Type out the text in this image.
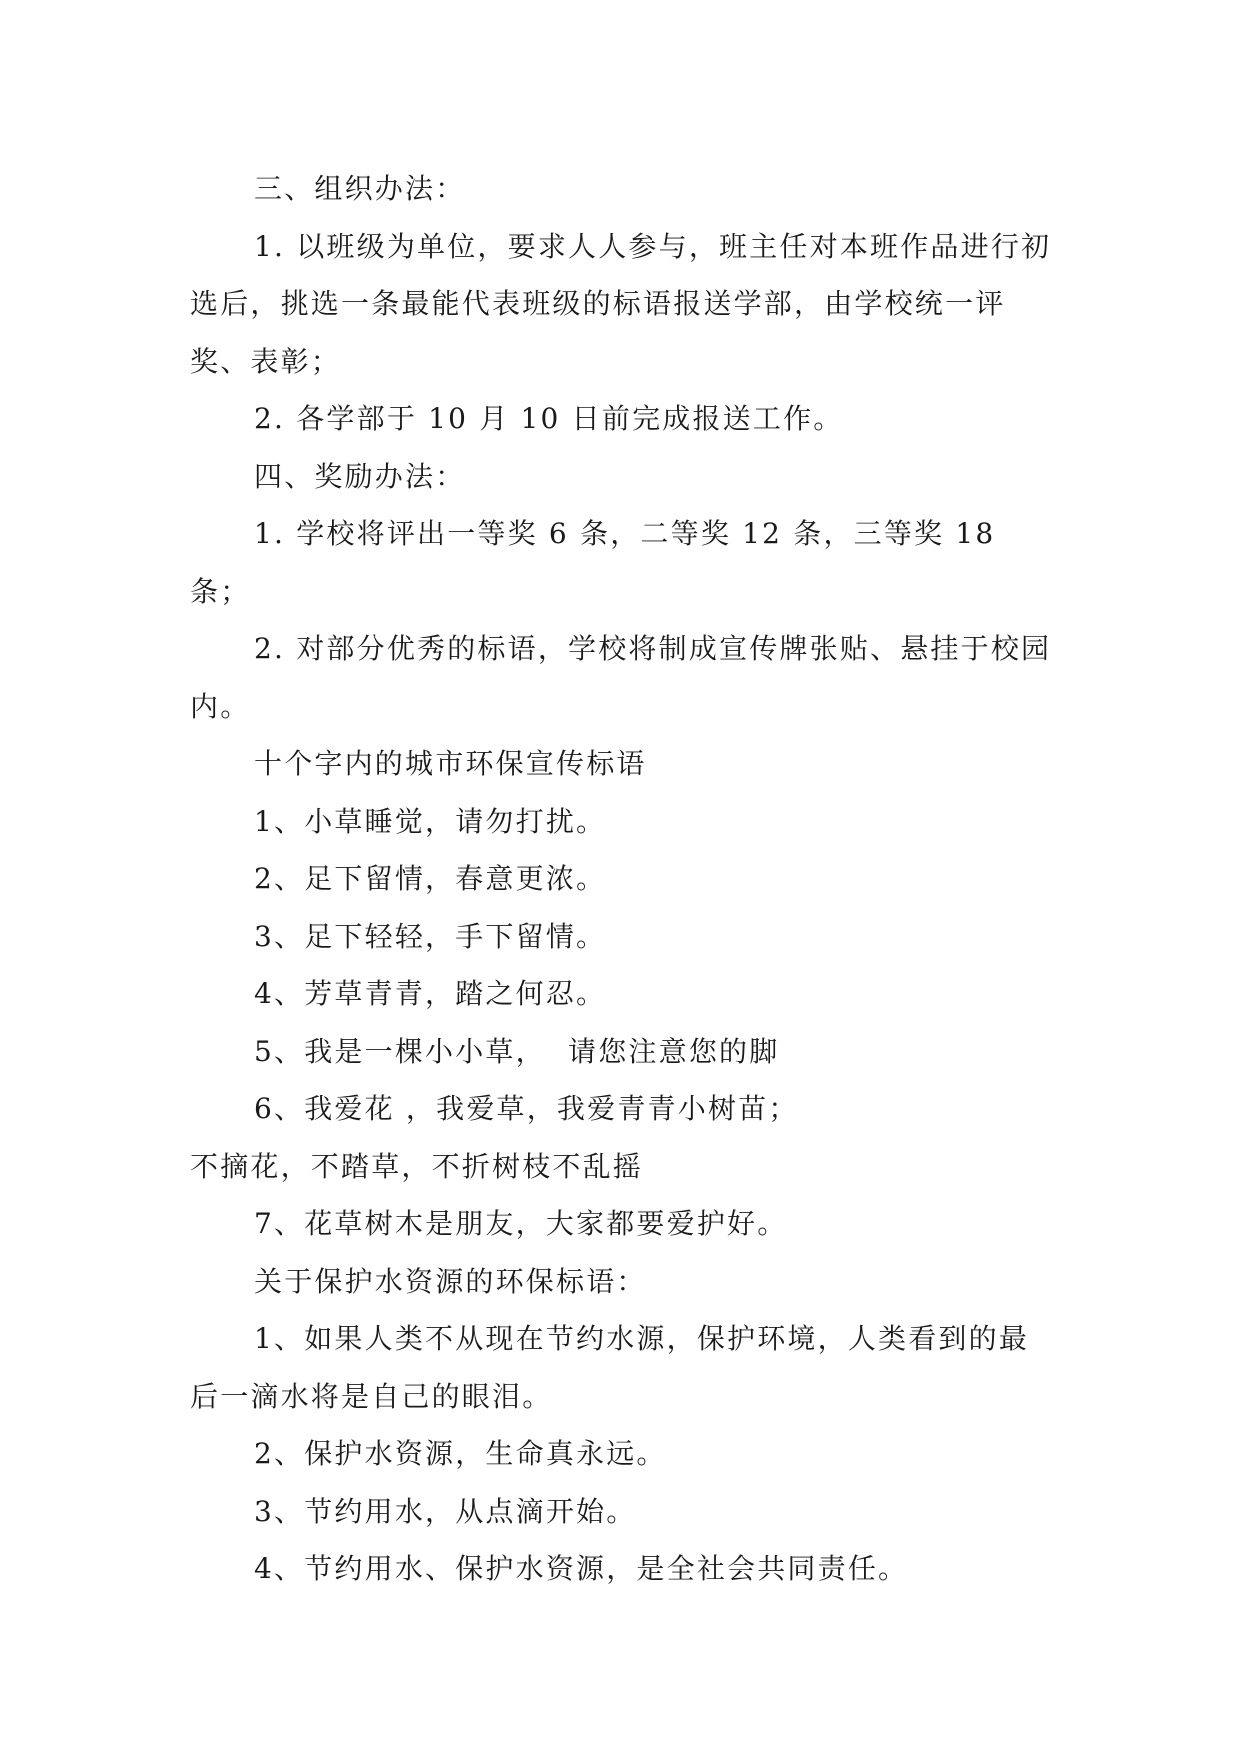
三、组织办法：

1. 以班级为单位，要求人人参与，班主任对本班作品进行初选后，挑选一条最能代表班级的标语报送学部，由学校统一评奖、表彰；

2. 各学部于 10 月 10 日前完成报送工作。

四、奖励办法：

1. 学校将评出一等奖 6 条，二等奖 12 条，三等奖 18 条；

2. 对部分优秀的标语，学校将制成宣传牌张贴、悬挂于校园内。

十个字内的城市环保宣传标语

1、小草睡觉，请勿打扰。

2、足下留情，春意更浓。

3、足下轻轻，手下留情。

4、芳草青青，踏之何忍。

5、我是一棵小小草，  请您注意您的脚

6、我爱花 ，我爱草，我爱青青小树苗；

不摘花，不踏草，不折树枝不乱摇

7、花草树木是朋友，大家都要爱护好。

关于保护水资源的环保标语：

1、如果人类不从现在节约水源，保护环境，人类看到的最后一滴水将是自己的眼泪。

2、保护水资源，生命真永远。

3、节约用水，从点滴开始。

4、节约用水、保护水资源，是全社会共同责任。
